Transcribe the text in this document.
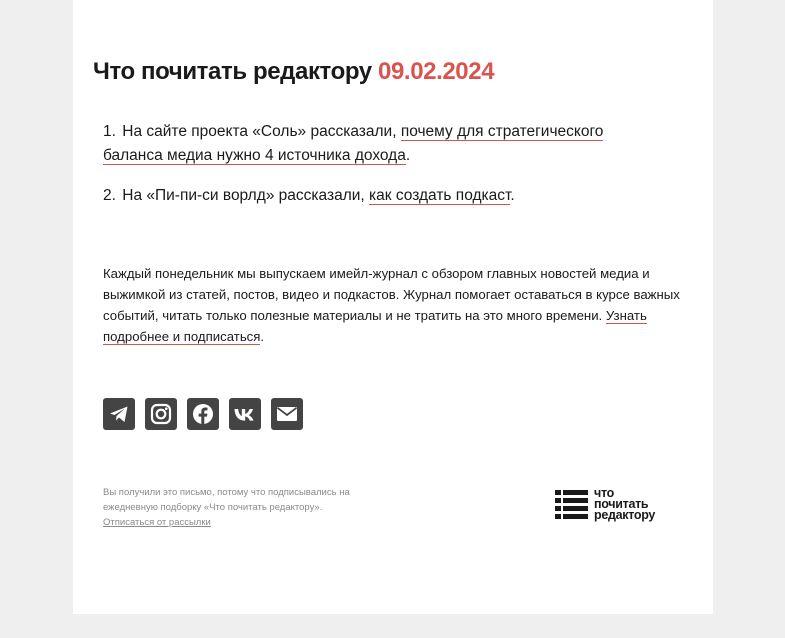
Что почитать редактору 09.02.2024
1. На сайте проекта «Соль» рассказали, почему для стратегического баланса медиа нужно 4 источника дохода.
2. На «Пи-пи-си ворлд» рассказали, как создать подкаст.
Каждый понедельник мы выпускаем имейл-журнал с обзором главных новостей медиа и выжимкой из статей, постов, видео и подкастов. Журнал помогает оставаться в курсе важных событий, читать только полезные материалы и не тратить на это много времени. Узнать подробнее и подписаться.
Вы получили это письмо, потому что подписывались на ежедневную подборку «Что почитать редактору».
Отписаться от рассылки
что
почитать
редактору
